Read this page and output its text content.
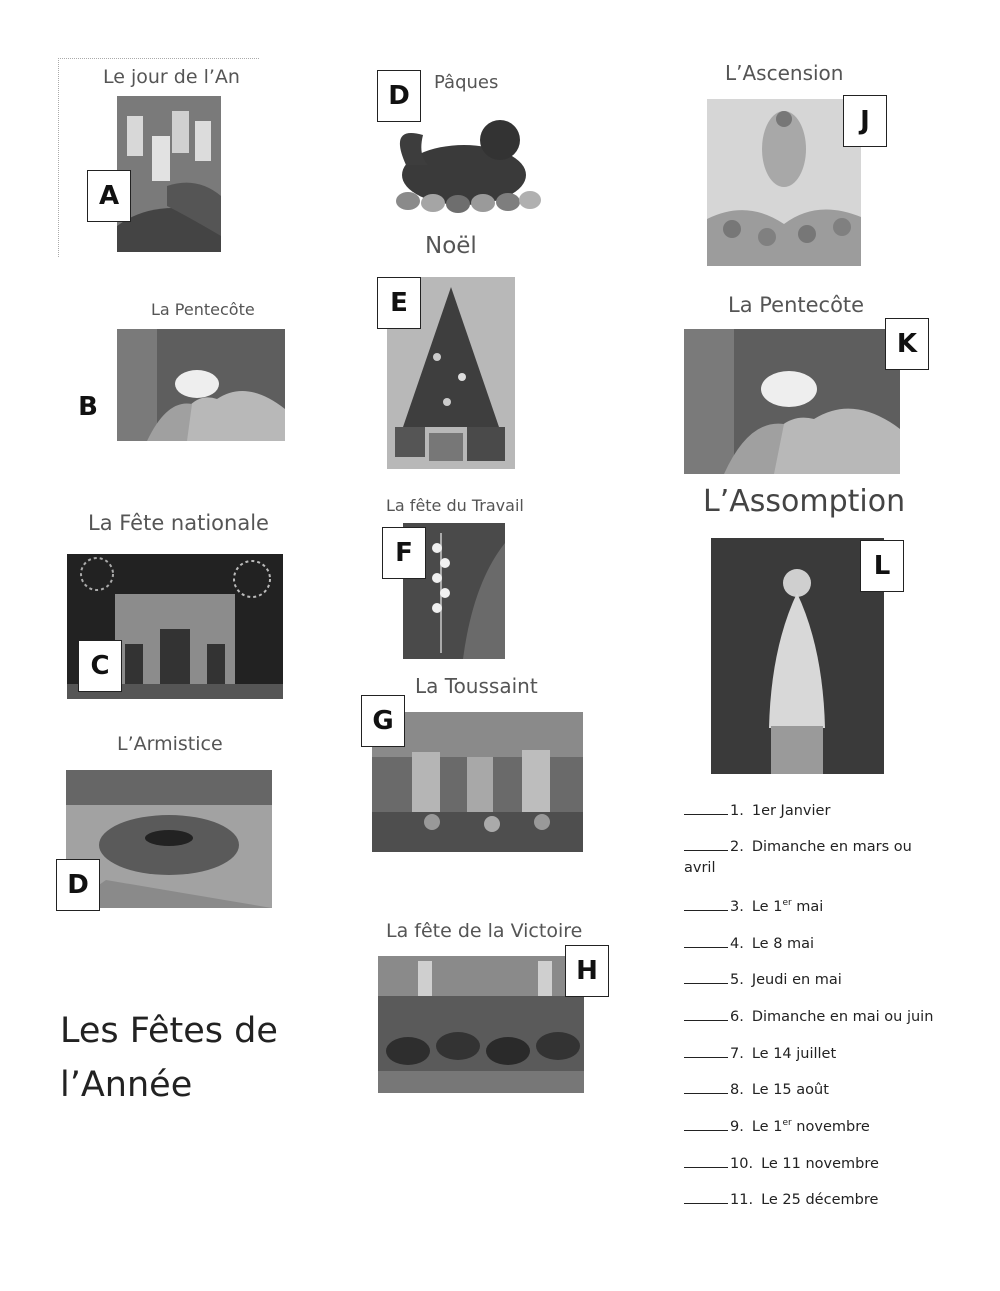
Le jour de l’An
A
Pâques
D
L’Ascension
J
La Pentecôte
B
Noël
E	La Pentecôte
K
La Fête nationale
C
La fête du Travail
F
L’Assomption
L
La Toussaint
G
L’Armistice
D
La fête de la Victoire
H
Les Fêtes de
l’Année
1. 1er Janvier
2. Dimanche en mars ou
avril
3. Le 1er mai
4. Le 8 mai
5. Jeudi en mai
6. Dimanche en mai ou juin
7. Le 14 juillet
8. Le 15 août
9. Le 1er novembre
10. Le 11 novembre
11. Le 25 décembre
